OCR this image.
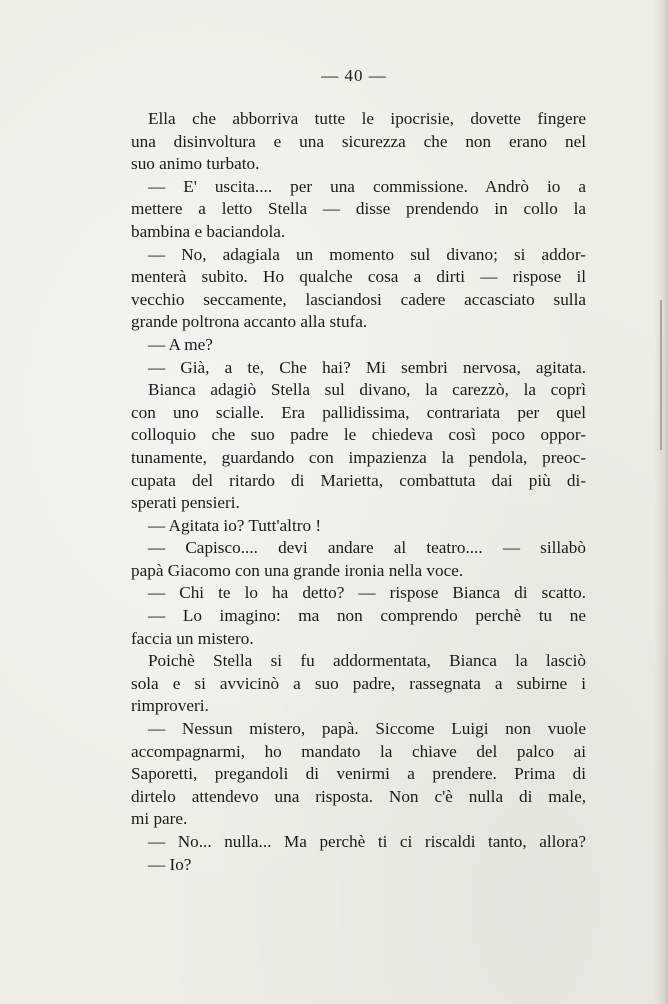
— 40 —
Ella che abborriva tutte le ipocrisie, dovette fingere
una disinvoltura e una sicurezza che non erano nel
suo animo turbato.
— E' uscita.... per una commissione. Andrò io a
mettere a letto Stella — disse prendendo in collo la
bambina e baciandola.
— No, adagiala un momento sul divano; si addor-
menterà subito. Ho qualche cosa a dirti — rispose il
vecchio seccamente, lasciandosi cadere accasciato sulla
grande poltrona accanto alla stufa.
— A me?
— Già, a te, Che hai? Mi sembri nervosa, agitata.
Bianca adagiò Stella sul divano, la carezzò, la coprì
con uno scialle. Era pallidissima, contrariata per quel
colloquio che suo padre le chiedeva così poco oppor-
tunamente, guardando con impazienza la pendola, preoc-
cupata del ritardo di Marietta, combattuta dai più di-
sperati pensieri.
— Agitata io? Tutt'altro !
— Capisco.... devi andare al teatro.... — sillabò
papà Giacomo con una grande ironia nella voce.
— Chi te lo ha detto? — rispose Bianca di scatto.
— Lo imagino: ma non comprendo perchè tu ne
faccia un mistero.
Poichè Stella si fu addormentata, Bianca la lasciò
sola e si avvicinò a suo padre, rassegnata a subirne i
rimproveri.
— Nessun mistero, papà. Siccome Luigi non vuole
accompagnarmi, ho mandato la chiave del palco ai
Saporetti, pregandoli di venirmi a prendere. Prima di
dirtelo attendevo una risposta. Non c'è nulla di male,
mi pare.
— No... nulla... Ma perchè ti ci riscaldi tanto, allora?
— Io?
